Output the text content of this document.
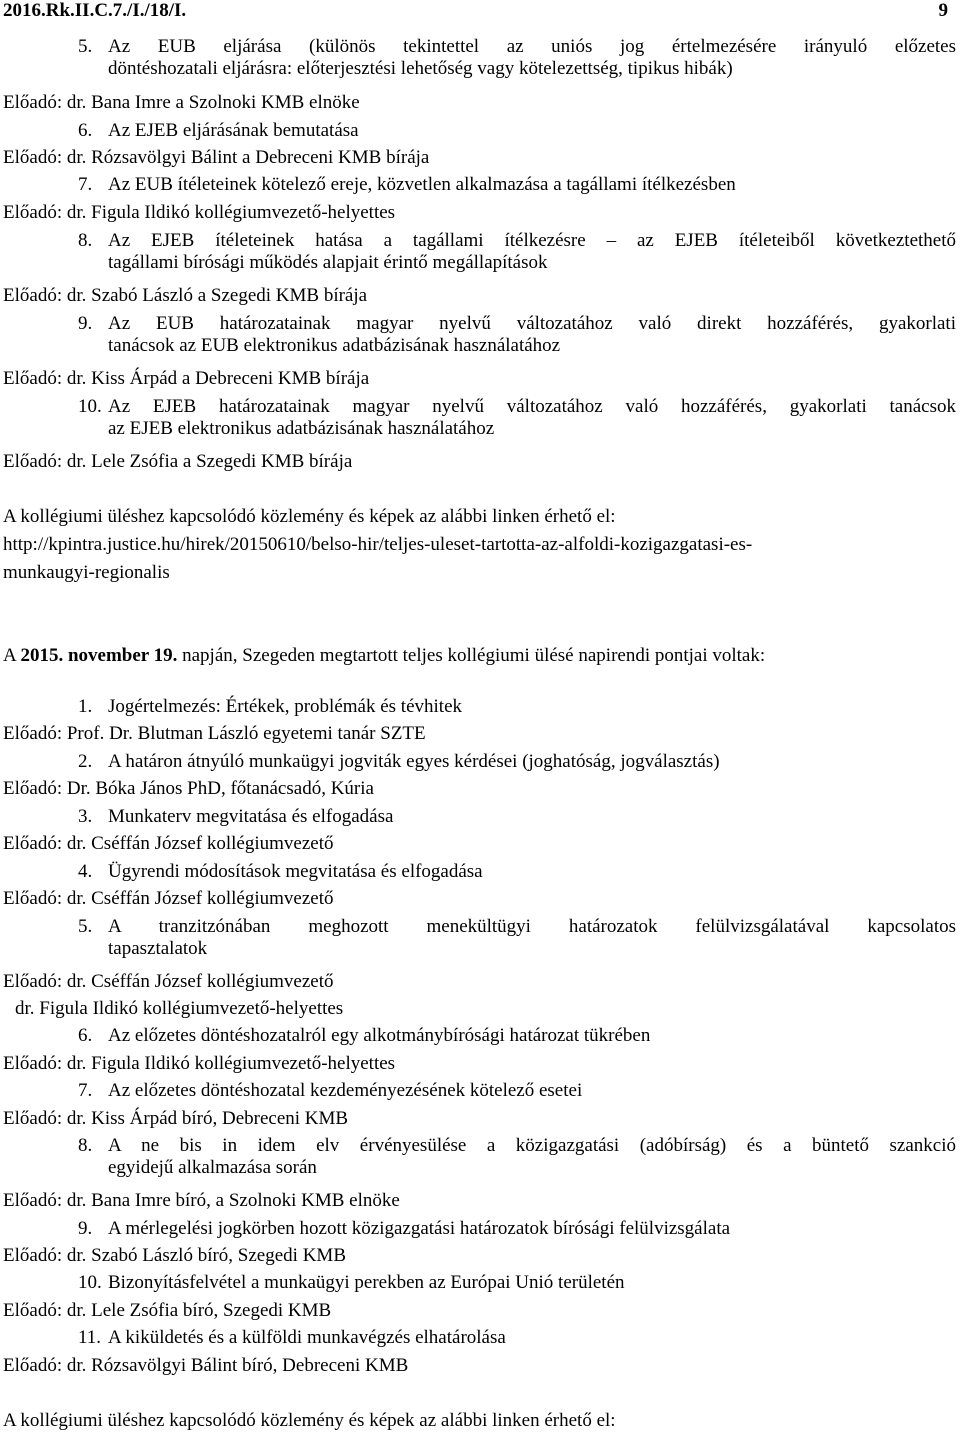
2016.Rk.II.C.7./I./18/I.	9
5. Az EUB eljárása (különös tekintettel az uniós jog értelmezésére irányuló előzetes
döntéshozatali eljárásra: előterjesztési lehetőség vagy kötelezettség, tipikus hibák)
Előadó: dr. Bana Imre a Szolnoki KMB elnöke
6. Az EJEB eljárásának bemutatása
Előadó: dr. Rózsavölgyi Bálint a Debreceni KMB bírája
7. Az EUB ítéleteinek kötelező ereje, közvetlen alkalmazása a tagállami ítélkezésben
Előadó: dr. Figula Ildikó kollégiumvezető-helyettes
8. Az EJEB ítéleteinek hatása a tagállami ítélkezésre – az EJEB ítéleteiből következtethető
tagállami bírósági működés alapjait érintő megállapítások
Előadó: dr. Szabó László a Szegedi KMB bírája
9. Az EUB határozatainak magyar nyelvű változatához való direkt hozzáférés, gyakorlati
tanácsok az EUB elektronikus adatbázisának használatához
Előadó: dr. Kiss Árpád a Debreceni KMB bírája
10. Az EJEB határozatainak magyar nyelvű változatához való hozzáférés, gyakorlati tanácsok
az EJEB elektronikus adatbázisának használatához
Előadó: dr. Lele Zsófia a Szegedi KMB bírája
A kollégiumi üléshez kapcsolódó közlemény és képek az alábbi linken érhető el:
http://kpintra.justice.hu/hirek/20150610/belso-hir/teljes-uleset-tartotta-az-alfoldi-kozigazgatasi-es-
munkaugyi-regionalis
A 2015. november 19. napján, Szegeden megtartott teljes kollégiumi ülésé napirendi pontjai voltak:
1. Jogértelmezés: Értékek, problémák és tévhitek
Előadó: Prof. Dr. Blutman László egyetemi tanár SZTE
2. A határon átnyúló munkaügyi jogviták egyes kérdései (joghatóság, jogválasztás)
Előadó: Dr. Bóka János PhD, főtanácsadó, Kúria
3. Munkaterv megvitatása és elfogadása
Előadó: dr. Cséffán József kollégiumvezető
4. Ügyrendi módosítások megvitatása és elfogadása
Előadó: dr. Cséffán József kollégiumvezető
5. A tranzitzónában meghozott menekültügyi határozatok felülvizsgálatával kapcsolatos
tapasztalatok
Előadó: dr. Cséffán József kollégiumvezető
dr. Figula Ildikó kollégiumvezető-helyettes
6. Az előzetes döntéshozatalról egy alkotmánybírósági határozat tükrében
Előadó: dr. Figula Ildikó kollégiumvezető-helyettes
7. Az előzetes döntéshozatal kezdeményezésének kötelező esetei
Előadó: dr. Kiss Árpád bíró, Debreceni KMB
8. A ne bis in idem elv érvényesülése a közigazgatási (adóbírság) és a büntető szankció
egyidejű alkalmazása során
Előadó: dr. Bana Imre bíró, a Szolnoki KMB elnöke
9. A mérlegelési jogkörben hozott közigazgatási határozatok bírósági felülvizsgálata
Előadó: dr. Szabó László bíró, Szegedi KMB
10. Bizonyításfelvétel a munkaügyi perekben az Európai Unió területén
Előadó: dr. Lele Zsófia bíró, Szegedi KMB
11. A kiküldetés és a külföldi munkavégzés elhatárolása
Előadó: dr. Rózsavölgyi Bálint bíró, Debreceni KMB
A kollégiumi üléshez kapcsolódó közlemény és képek az alábbi linken érhető el:
